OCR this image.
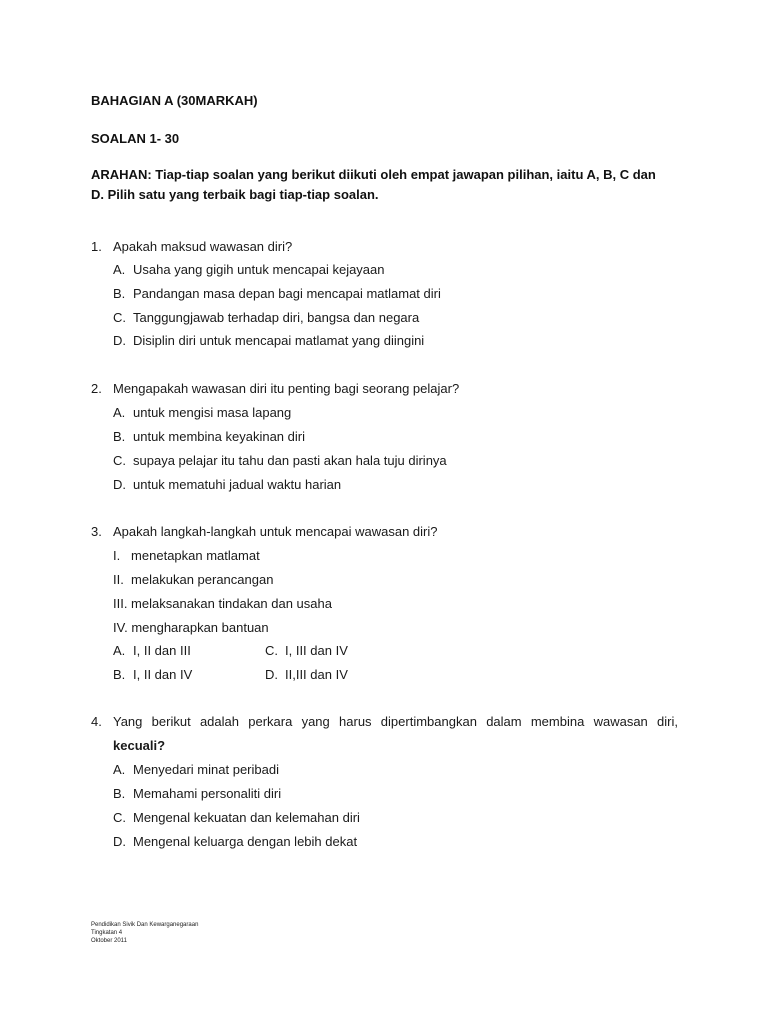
BAHAGIAN A (30MARKAH)
SOALAN 1- 30
ARAHAN: Tiap-tiap soalan yang berikut diikuti oleh empat jawapan pilihan, iaitu A, B, C dan
D. Pilih satu yang terbaik bagi tiap-tiap soalan.
1. Apakah maksud wawasan diri?
A. Usaha yang gigih untuk mencapai kejayaan
B. Pandangan masa depan bagi mencapai matlamat diri
C. Tanggungjawab terhadap diri, bangsa dan negara
D. Disiplin diri untuk mencapai matlamat yang diingini
2. Mengapakah wawasan diri itu penting bagi seorang pelajar?
A. untuk mengisi masa lapang
B. untuk membina keyakinan diri
C. supaya pelajar itu tahu dan pasti akan hala tuju dirinya
D. untuk mematuhi jadual waktu harian
3. Apakah langkah-langkah untuk mencapai wawasan diri?
I.   menetapkan matlamat
II.  melakukan perancangan
III. melaksanakan tindakan dan usaha
IV. mengharapkan bantuan
A. I, II dan III	C. I, III dan IV
B. I, II dan IV	D. II,III dan IV
4. Yang berikut adalah perkara yang harus dipertimbangkan dalam membina wawasan diri,
kecuali?
A. Menyedari minat peribadi
B. Memahami personaliti diri
C. Mengenal kekuatan dan kelemahan diri
D. Mengenal keluarga dengan lebih dekat
Pendidikan Sivik Dan Kewarganegaraan
Tingkatan 4
Oktober 2011
